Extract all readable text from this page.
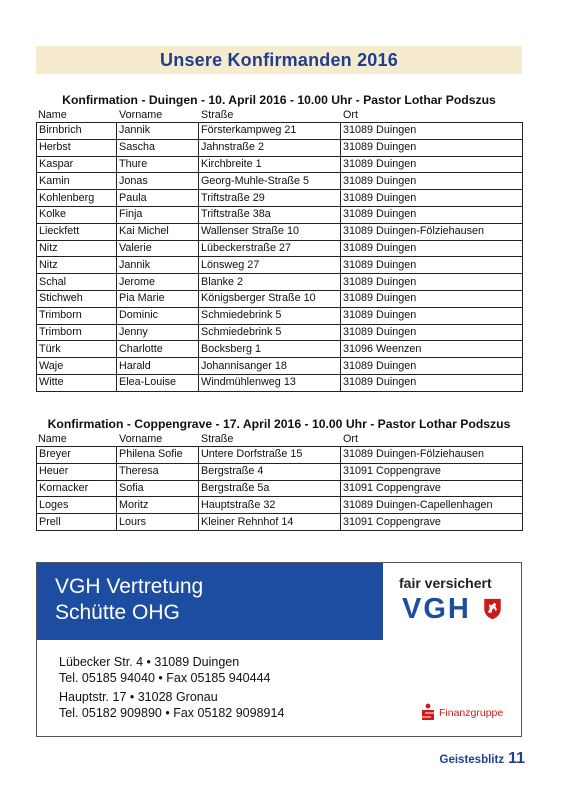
Unsere Konfirmanden 2016
Konfirmation - Duingen - 10. April 2016 - 10.00 Uhr - Pastor Lothar Podszus
Name	Vorname	Straße	Ort
Birnbrich	Jannik	Försterkampweg 21	31089 Duingen
Herbst	Sascha	Jahnstraße 2	31089 Duingen
Kaspar	Thure	Kirchbreite 1	31089 Duingen
Kamin	Jonas	Georg-Muhle-Straße 5	31089 Duingen
Kohlenberg	Paula	Triftstraße 29	31089 Duingen
Kolke	Finja	Triftstraße 38a	31089 Duingen
Lieckfett	Kai Michel	Wallenser Straße 10	31089 Duingen-Fölziehausen
Nitz	Valerie	Lübeckerstraße 27	31089 Duingen
Nitz	Jannik	Lönsweg 27	31089 Duingen
Schal	Jerome	Blanke 2	31089 Duingen
Stichweh	Pia Marie	Königsberger Straße 10	31089 Duingen
Trimborn	Dominic	Schmiedebrink 5	31089 Duingen
Trimborn	Jenny	Schmiedebrink 5	31089 Duingen
Türk	Charlotte	Bocksberg 1	31096 Weenzen
Waje	Harald	Johannisanger 18	31089 Duingen
Witte	Elea-Louise	Windmühlenweg 13	31089 Duingen
Konfirmation - Coppengrave - 17. April 2016 - 10.00 Uhr - Pastor Lothar Podszus
Name	Vorname	Straße	Ort
Breyer	Philena Sofie	Untere Dorfstraße 15	31089 Duingen-Fölziehausen
Heuer	Theresa	Bergstraße 4	31091 Coppengrave
Kornacker	Sofia	Bergstraße 5a	31091 Coppengrave
Loges	Moritz	Hauptstraße 32	31089 Duingen-Capellenhagen
Prell	Lours	Kleiner Rehnhof 14	31091 Coppengrave
VGH Vertretung
Schütte OHG
fair versichert
VGH
Lübecker Str. 4 • 31089 Duingen
Tel. 05185 94040 • Fax 05185 940444
Hauptstr. 17 • 31028 Gronau
Tel. 05182 909890 • Fax 05182 9098914	Finanzgruppe
Geistesblitz 11
